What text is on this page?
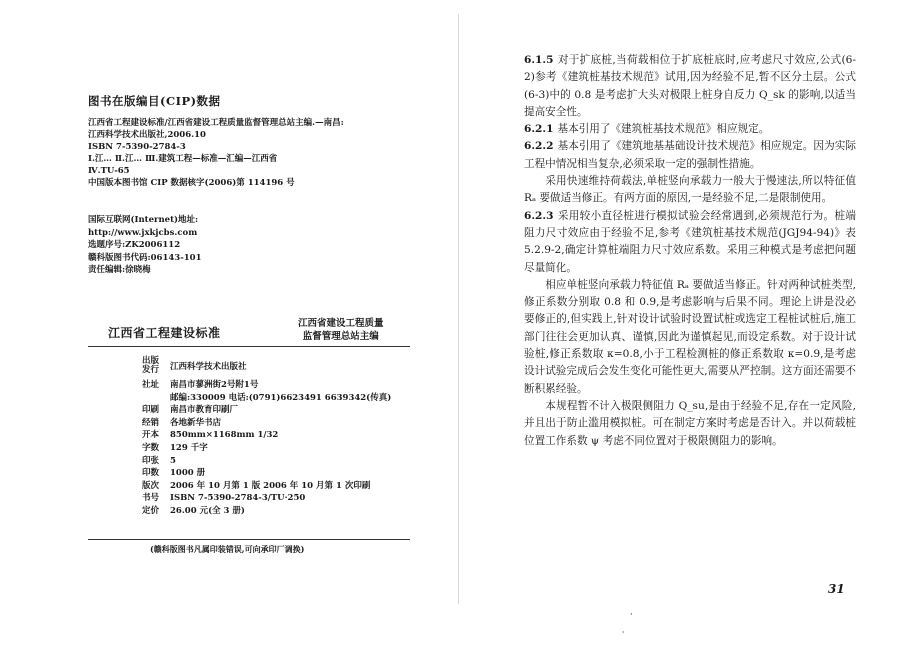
图书在版编目(CIP)数据
江西省工程建设标准/江西省建设工程质量监督管理总站主编.—南昌:
江西科学技术出版社,2006.10
ISBN 7-5390-2784-3
Ⅰ.江… Ⅱ.江… Ⅲ.建筑工程—标准—汇编—江西省
Ⅳ.TU-65
中国版本图书馆 CIP 数据核字(2006)第 114196 号
国际互联网(Internet)地址:
http://www.jxkjcbs.com
选题序号:ZK2006112
赣科版图书代码:06143-101
责任编辑:徐晓梅
江西省工程建设标准
江西省建设工程质量
监督管理总站主编
出版
发行	江西科学技术出版社
社址	南昌市蓼洲街2号附1号
邮编:330009 电话:(0791)6623491 6639342(传真)
印刷	南昌市教育印刷厂
经销	各地新华书店
开本	850mm×1168mm 1/32
字数	129 千字
印张	5
印数	1000 册
版次	2006 年 10 月第 1 版 2006 年 10 月第 1 次印刷
书号	ISBN 7-5390-2784-3/TU·250
定价	26.00 元(全 3 册)
(赣科版图书凡属印装错误,可向承印厂调换)

6.1.5 对于扩底桩,当荷载相位于扩底桩底时,应考虑尺寸效应,公式(6-2)参考《建筑桩基技术规范》试用,因为经验不足,暂不区分土层。公式(6-3)中的 0.8 是考虑扩大头对极限上桩身自反力 Q_sk 的影响,以适当提高安全性。

6.2.1 基本引用了《建筑桩基技术规范》相应规定。

6.2.2 基本引用了《建筑地基基础设计技术规范》相应规定。因为实际工程中情况相当复杂,必须采取一定的强制性措施。

采用快速维持荷载法,单桩竖向承载力一般大于慢速法,所以特征值 Rₐ 要做适当修正。有两方面的原因,一是经验不足,二是限制使用。

6.2.3 采用较小直径桩进行模拟试验会经常遇到,必须规范行为。桩端阻力尺寸效应由于经验不足,参考《建筑桩基技术规范(JGJ94-94)》表 5.2.9-2,确定计算桩端阻力尺寸效应系数。采用三种模式是考虑把问题尽量简化。

相应单桩竖向承载力特征值 Rₐ 要做适当修正。针对两种试桩类型,修正系数分别取 0.8 和 0.9,是考虑影响与后果不同。理论上讲是没必要修正的,但实践上,针对设计试验时设置试桩或选定工程桩试桩后,施工部门往往会更加认真、谨慎,因此为谨慎起见,而设定系数。对于设计试验桩,修正系数取 κ=0.8,小于工程检测桩的修正系数取 κ=0.9,是考虑设计试验完成后会发生变化可能性更大,需要从严控制。这方面还需要不断积累经验。

本规程暂不计入极限侧阻力 Q_su,是由于经验不足,存在一定风险,并且出于防止滥用模拟桩。可在制定方案时考虑是否计入。并以荷载桩位置工作系数 ψ 考虑不同位置对于极限侧阻力的影响。

31
’
'
